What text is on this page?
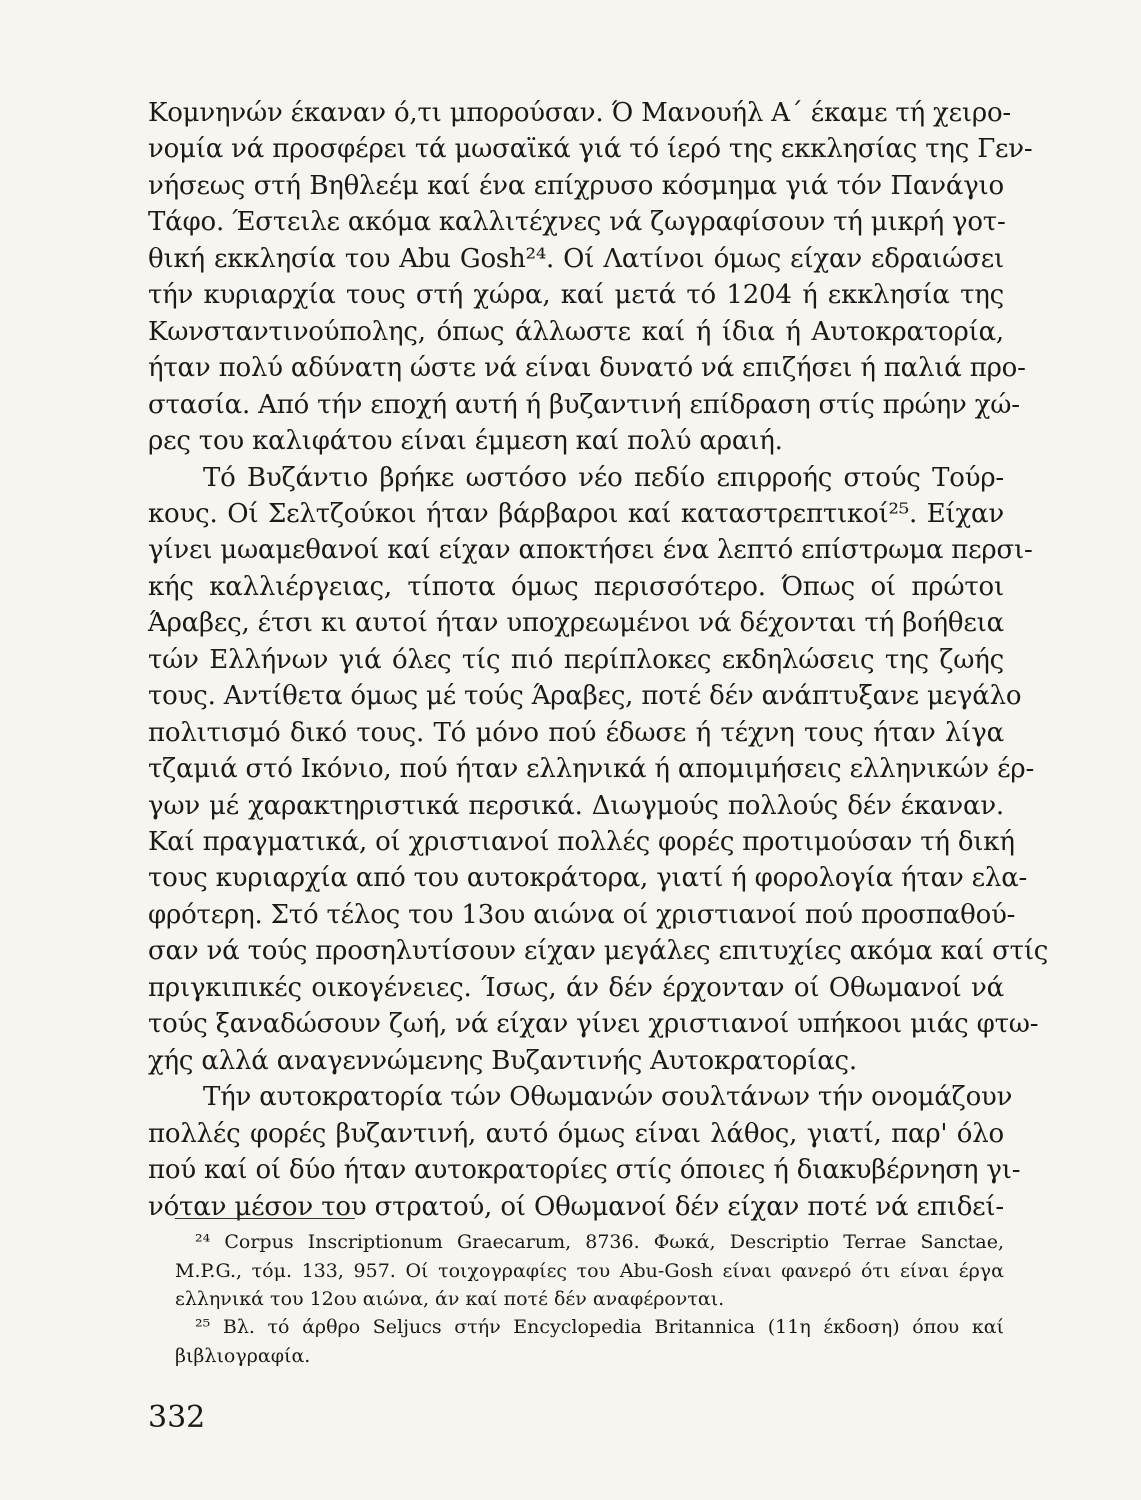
Κομνηνών έκαναν ό,τι μπορούσαν. Ό Μανουήλ Α΄ έκαμε τή χειρο-
νομία νά προσφέρει τά μωσαϊκά γιά τό ίερό της εκκλησίας της Γεν-
νήσεως στή Βηθλεέμ καί ένα επίχρυσο κόσμημα γιά τόν Πανάγιο
Τάφο. Έστειλε ακόμα καλλιτέχνες νά ζωγραφίσουν τή μικρή γοτ-
θική εκκλησία του Abu Gosh²⁴. Οί Λατίνοι όμως είχαν εδραιώσει
τήν κυριαρχία τους στή χώρα, καί μετά τό 1204 ή εκκλησία της
Κωνσταντινούπολης, όπως άλλωστε καί ή ίδια ή Αυτοκρατορία,
ήταν πολύ αδύνατη ώστε νά είναι δυνατό νά επιζήσει ή παλιά προ-
στασία. Από τήν εποχή αυτή ή βυζαντινή επίδραση στίς πρώην χώ-
ρες του καλιφάτου είναι έμμεση καί πολύ αραιή.
Τό Βυζάντιο βρήκε ωστόσο νέο πεδίο επιρροής στούς Τούρ-
κους. Οί Σελτζούκοι ήταν βάρβαροι καί καταστρεπτικοί²⁵. Είχαν
γίνει μωαμεθανοί καί είχαν αποκτήσει ένα λεπτό επίστρωμα περσι-
κής καλλιέργειας, τίποτα όμως περισσότερο. Όπως οί πρώτοι
Άραβες, έτσι κι αυτοί ήταν υποχρεωμένοι νά δέχονται τή βοήθεια
τών Ελλήνων γιά όλες τίς πιό περίπλοκες εκδηλώσεις της ζωής
τους. Αντίθετα όμως μέ τούς Άραβες, ποτέ δέν ανάπτυξανε μεγάλο
πολιτισμό δικό τους. Τό μόνο πού έδωσε ή τέχνη τους ήταν λίγα
τζαμιά στό Ικόνιο, πού ήταν ελληνικά ή απομιμήσεις ελληνικών έρ-
γων μέ χαρακτηριστικά περσικά. Διωγμούς πολλούς δέν έκαναν.
Καί πραγματικά, οί χριστιανοί πολλές φορές προτιμούσαν τή δική
τους κυριαρχία από του αυτοκράτορα, γιατί ή φορολογία ήταν ελα-
φρότερη. Στό τέλος του 13ου αιώνα οί χριστιανοί πού προσπαθού-
σαν νά τούς προσηλυτίσουν είχαν μεγάλες επιτυχίες ακόμα καί στίς
πριγκιπικές οικογένειες. Ίσως, άν δέν έρχονταν οί Οθωμανοί νά
τούς ξαναδώσουν ζωή, νά είχαν γίνει χριστιανοί υπήκοοι μιάς φτω-
χής αλλά αναγεννώμενης Βυζαντινής Αυτοκρατορίας.
Τήν αυτοκρατορία τών Οθωμανών σουλτάνων τήν ονομάζουν
πολλές φορές βυζαντινή, αυτό όμως είναι λάθος, γιατί, παρ' όλο
πού καί οί δύο ήταν αυτοκρατορίες στίς όποιες ή διακυβέρνηση γι-
νόταν μέσον του στρατού, οί Οθωμανοί δέν είχαν ποτέ νά επιδεί-
²⁴ Corpus Inscriptionum Graecarum, 8736. Φωκά, Descriptio Terrae Sanctae,
M.P.G., τόμ. 133, 957. Οί τοιχογραφίες του Abu-Gosh είναι φανερό ότι είναι έργα
ελληνικά του 12ου αιώνα, άν καί ποτέ δέν αναφέρονται.
²⁵ Βλ. τό άρθρο Seljucs στήν Encyclopedia Britannica (11η έκδοση) όπου καί
βιβλιογραφία.
332
